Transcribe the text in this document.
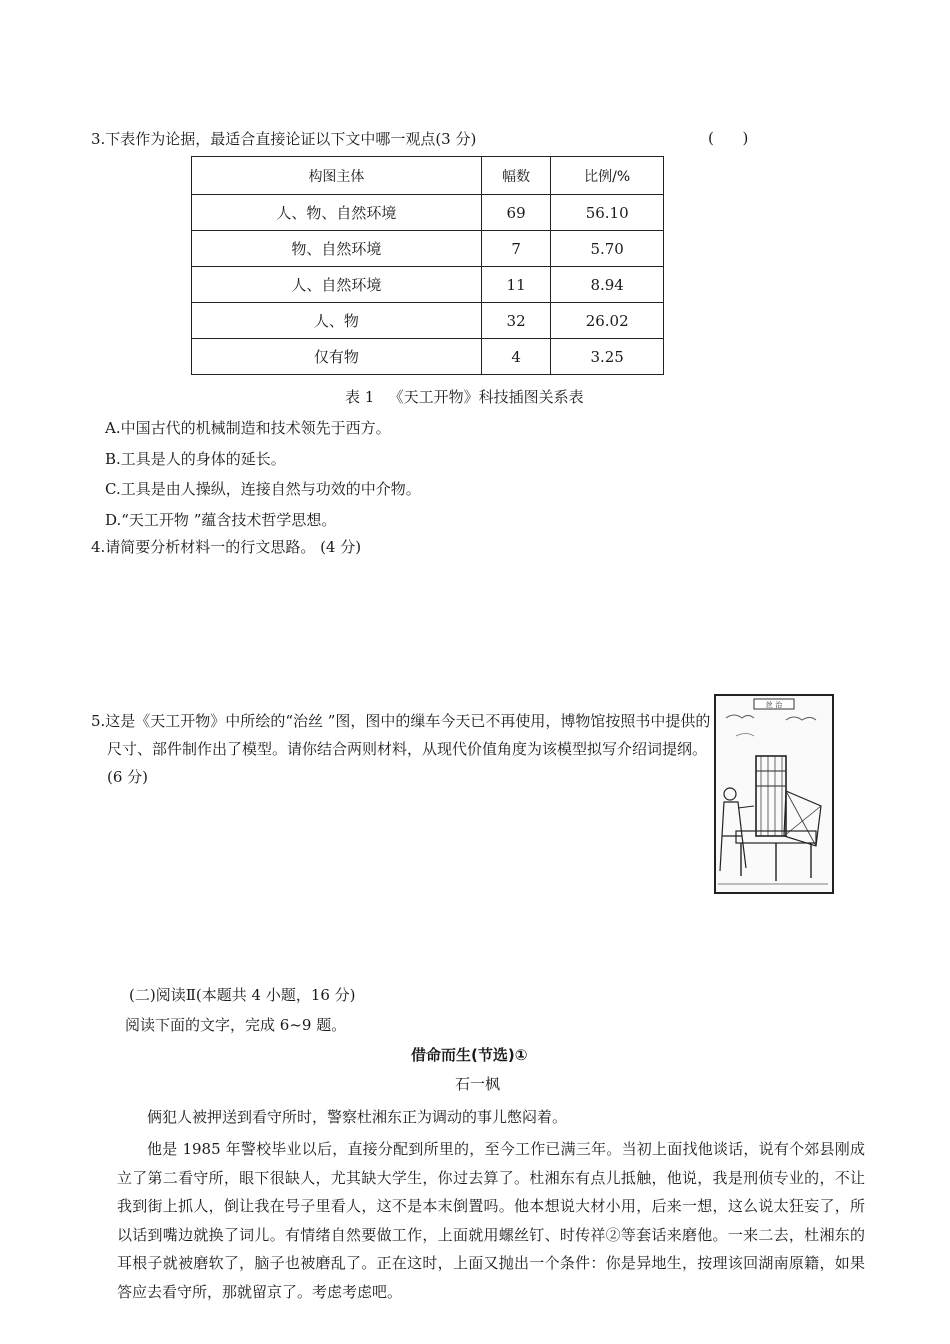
3.下表作为论据，最适合直接论证以下文中哪一观点(3 分)	(      )
构图主体	幅数	比例/%
人、物、自然环境	69	56.10
物、自然环境	7	5.70
人、自然环境	11	8.94
人、物	32	26.02
仅有物	4	3.25
表 1   《天工开物》科技插图关系表
A.中国古代的机械制造和技术领先于西方。
B.工具是人的身体的延长。
C.工具是由人操纵，连接自然与功效的中介物。
D.“天工开物 ”蕴含技术哲学思想。
4.请简要分析材料一的行文思路。 (4 分)
5.这是《天工开物》中所绘的“治丝 ”图，图中的缫车今天已不再使用，博物馆按照书中提供的尺寸、部件制作出了模型。请你结合两则材料，从现代价值角度为该模型拟写介绍词提纲。 (6 分)
丝 治
(二)阅读Ⅱ(本题共 4 小题，16 分)
阅读下面的文字，完成 6~9 题。
借命而生(节选)①
石一枫
俩犯人被押送到看守所时，警察杜湘东正为调动的事儿憋闷着。
他是 1985 年警校毕业以后，直接分配到所里的，至今工作已满三年。当初上面找他谈话，说有个郊县刚成立了第二看守所，眼下很缺人，尤其缺大学生，你过去算了。杜湘东有点儿抵触，他说，我是刑侦专业的，不让我到街上抓人，倒让我在号子里看人，这不是本末倒置吗。他本想说大材小用，后来一想，这么说太狂妄了，所以话到嘴边就换了词儿。有情绪自然要做工作，上面就用螺丝钉、时传祥②等套话来磨他。一来二去，杜湘东的耳根子就被磨软了，脑子也被磨乱了。正在这时，上面又抛出一个条件：你是异地生，按理该回湖南原籍，如果答应去看守所，那就留京了。考虑考虑吧。
